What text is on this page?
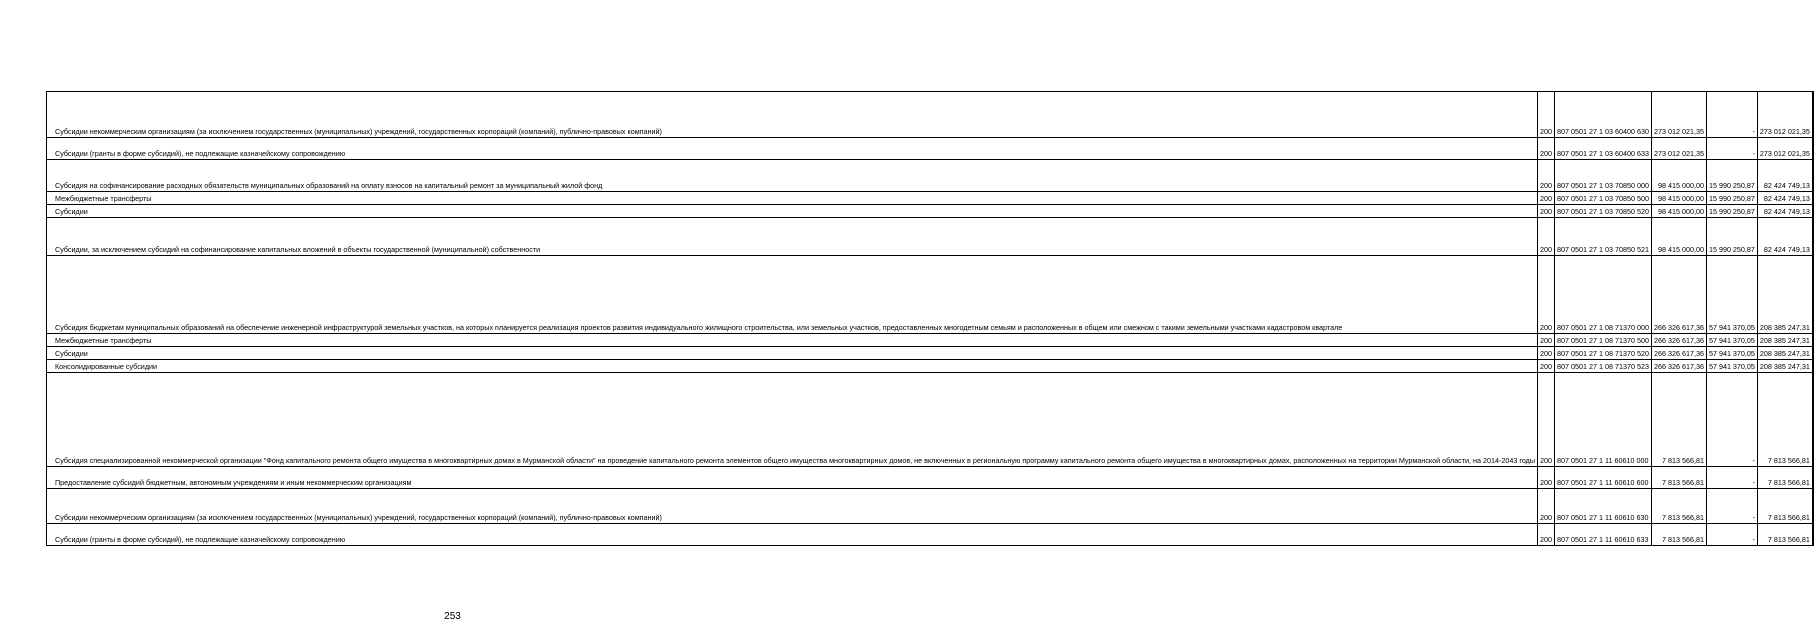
Субсидии некоммерческим организациям (за исключением государственных (муниципальных) учреждений, государственных корпораций (компаний), публично-правовых компаний)	200	807 0501 27 1 03 60400 630	273 012 021,35	-	273 012 021,35
Субсидии (гранты в форме субсидий), не подлежащие казначейскому сопровождению	200	807 0501 27 1 03 60400 633	273 012 021,35	-	273 012 021,35
Субсидия на софинансирование расходных обязательств муниципальных образований на оплату взносов на капитальный ремонт за муниципальный жилой фонд	200	807 0501 27 1 03 70850 000	98 415 000,00	15 990 250,87	82 424 749,13
Межбюджетные трансферты	200	807 0501 27 1 03 70850 500	98 415 000,00	15 990 250,87	82 424 749,13
Субсидии	200	807 0501 27 1 03 70850 520	98 415 000,00	15 990 250,87	82 424 749,13
Субсидии, за исключением субсидий на софинансирование капитальных вложений в объекты государственной (муниципальной) собственности	200	807 0501 27 1 03 70850 521	98 415 000,00	15 990 250,87	82 424 749,13
Субсидия бюджетам муниципальных образований на обеспечение инженерной инфраструктурой земельных участков, на которых планируется реализация проектов развития индивидуального жилищного строительства, или земельных участков, предоставленных многодетным семьям и расположенных в общем или смежном с такими земельными участками кадастровом квартале	200	807 0501 27 1 08 71370 000	266 326 617,36	57 941 370,05	208 385 247,31
Межбюджетные трансферты	200	807 0501 27 1 08 71370 500	266 326 617,36	57 941 370,05	208 385 247,31
Субсидии	200	807 0501 27 1 08 71370 520	266 326 617,36	57 941 370,05	208 385 247,31
Консолидированные субсидии	200	807 0501 27 1 08 71370 523	266 326 617,36	57 941 370,05	208 385 247,31
Субсидия специализированной некоммерческой организации "Фонд капитального ремонта общего имущества в многоквартирных домах в Мурманской области" на проведение капитального ремонта элементов общего имущества многоквартирных домов, не включенных в региональную программу капитального ремонта общего имущества в многоквартирных домах, расположенных на территории Мурманской области, на 2014-2043 годы	200	807 0501 27 1 11 60610 000	7 813 566,81	-	7 813 566,81
Предоставление субсидий бюджетным, автономным учреждениям и иным некоммерческим организациям	200	807 0501 27 1 11 60610 600	7 813 566,81	-	7 813 566,81
Субсидии некоммерческим организациям (за исключением государственных (муниципальных) учреждений, государственных корпораций (компаний), публично-правовых компаний)	200	807 0501 27 1 11 60610 630	7 813 566,81	-	7 813 566,81
Субсидии (гранты в форме субсидий), не подлежащие казначейскому сопровождению	200	807 0501 27 1 11 60610 633	7 813 566,81	-	7 813 566,81
253
